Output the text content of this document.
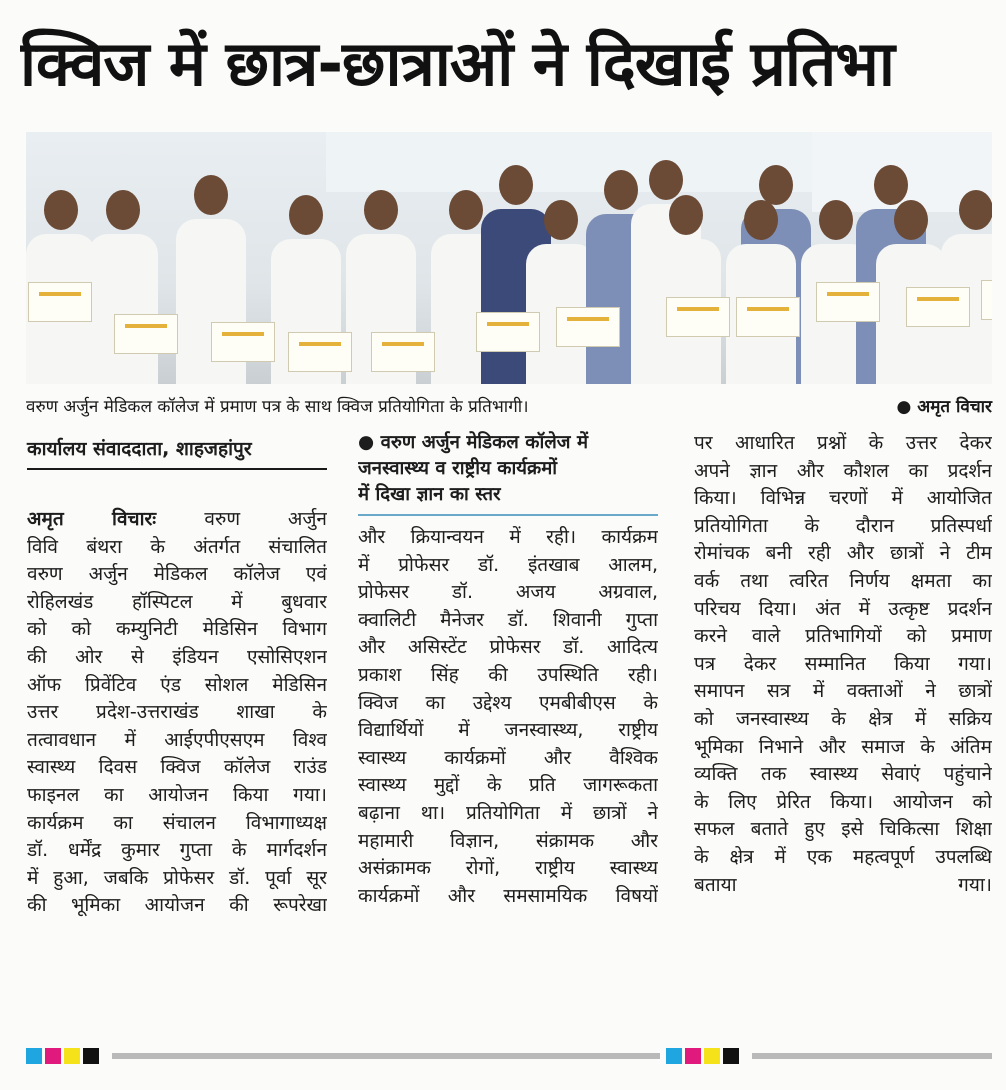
क्विज में छात्र-छात्राओं ने दिखाई प्रतिभा
वरुण अर्जुन मेडिकल कॉलेज में प्रमाण पत्र के साथ क्विज प्रतियोगिता के प्रतिभागी।	● अमृत विचार
कार्यालय संवाददाता, शाहजहांपुर
अमृत विचारः वरुण अर्जुन
विवि बंथरा के अंतर्गत संचालित
वरुण अर्जुन मेडिकल कॉलेज एवं
रोहिलखंड हॉस्पिटल में बुधवार
को को कम्युनिटी मेडिसिन विभाग
की ओर से इंडियन एसोसिएशन
ऑफ प्रिवेंटिव एंड सोशल मेडिसिन
उत्तर प्रदेश-उत्तराखंड शाखा के
तत्वावधान में आईएपीएसएम विश्व
स्वास्थ्य दिवस क्विज कॉलेज राउंड
फाइनल का आयोजन किया गया।
कार्यक्रम का संचालन विभागाध्यक्ष
डॉ. धर्मेंद्र कुमार गुप्ता के मार्गदर्शन
में हुआ, जबकि प्रोफेसर डॉ. पूर्वा सूर
की भूमिका आयोजन की रूपरेखा
● वरुण अर्जुन मेडिकल कॉलेज में
जनस्वास्थ्य व राष्ट्रीय कार्यक्रमों
में दिखा ज्ञान का स्तर
और क्रियान्वयन में रही। कार्यक्रम
में प्रोफेसर डॉ. इंतखाब आलम,
प्रोफेसर डॉ. अजय अग्रवाल,
क्वालिटी मैनेजर डॉ. शिवानी गुप्ता
और असिस्टेंट प्रोफेसर डॉ. आदित्य
प्रकाश सिंह की उपस्थिति रही।
क्विज का उद्देश्य एमबीबीएस के
विद्यार्थियों में जनस्वास्थ्य, राष्ट्रीय
स्वास्थ्य कार्यक्रमों और वैश्विक
स्वास्थ्य मुद्दों के प्रति जागरूकता
बढ़ाना था। प्रतियोगिता में छात्रों ने
महामारी विज्ञान, संक्रामक और
असंक्रामक रोगों, राष्ट्रीय स्वास्थ्य
कार्यक्रमों और समसामयिक विषयों
पर आधारित प्रश्नों के उत्तर देकर
अपने ज्ञान और कौशल का प्रदर्शन
किया। विभिन्न चरणों में आयोजित
प्रतियोगिता के दौरान प्रतिस्पर्धा
रोमांचक बनी रही और छात्रों ने टीम
वर्क तथा त्वरित निर्णय क्षमता का
परिचय दिया। अंत में उत्कृष्ट प्रदर्शन
करने वाले प्रतिभागियों को प्रमाण
पत्र देकर सम्मानित किया गया।
समापन सत्र में वक्ताओं ने छात्रों
को जनस्वास्थ्य के क्षेत्र में सक्रिय
भूमिका निभाने और समाज के अंतिम
व्यक्ति तक स्वास्थ्य सेवाएं पहुंचाने
के लिए प्रेरित किया। आयोजन को
सफल बताते हुए इसे चिकित्सा शिक्षा
के क्षेत्र में एक महत्वपूर्ण उपलब्धि
बताया गया।
